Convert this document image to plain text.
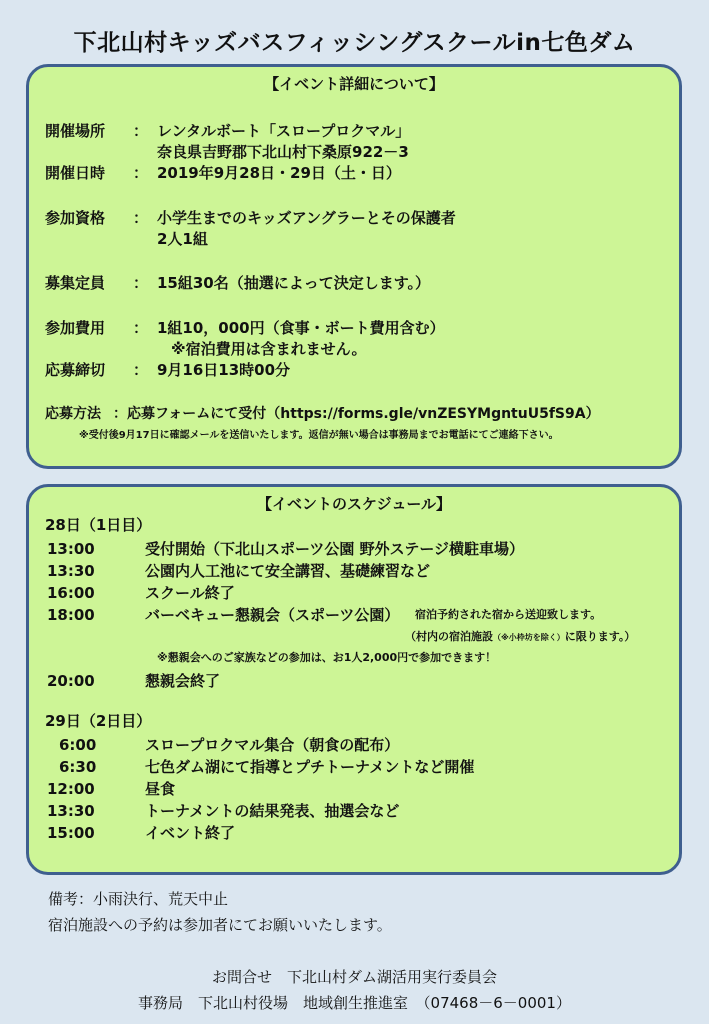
下北山村キッズバスフィッシングスクールin七色ダム
【イベント詳細について】
開催場所 ： レンタルボート「スロープロクマル」
奈良県吉野郡下北山村下桑原922－3
開催日時 ： 2019年9月28日・29日（土・日）
参加資格 ： 小学生までのキッズアングラーとその保護者
2人1組
募集定員 ： 15組30名（抽選によって決定します。）
参加費用 ： 1組10，000円（食事・ボート費用含む）
※宿泊費用は含まれません。
応募締切 ： 9月16日13時00分
応募方法 ：応募フォームにて受付（https://forms.gle/vnZESYMgntuU5fS9A）
※受付後9月17日に確認メールを送信いたします。返信が無い場合は事務局までお電話にてご連絡下さい。
【イベントのスケジュール】
28日（1日目）
13:00	受付開始（下北山スポーツ公園 野外ステージ横駐車場）
13:30	公園内人工池にて安全講習、基礎練習など
16:00	スクール終了
18:00	バーベキュー懇親会（スポーツ公園） 宿泊予約された宿から送迎致します。
（村内の宿泊施設（※小枠坊を除く）に限ります。）
※懇親会へのご家族などの参加は、お1人2,000円で参加できます！
20:00	懇親会終了
29日（2日目）
6:00	スロープロクマル集合（朝食の配布）
6:30	七色ダム湖にて指導とプチトーナメントなど開催
12:00	昼食
13:30	トーナメントの結果発表、抽選会など
15:00	イベント終了
備考：小雨決行、荒天中止
宿泊施設への予約は参加者にてお願いいたします。
お問合せ　下北山村ダム湖活用実行委員会
事務局　下北山村役場　地域創生推進室　（07468－6－0001）
